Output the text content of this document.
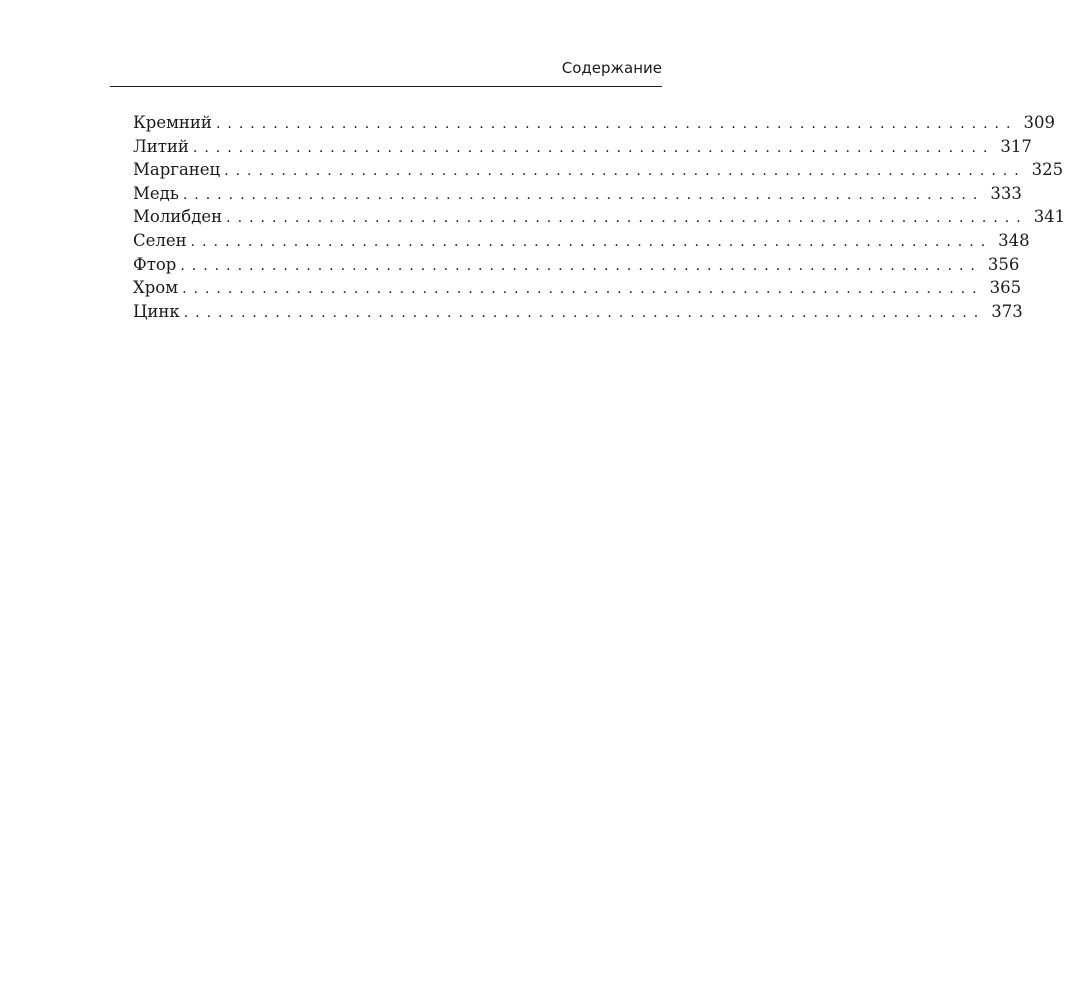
Содержание
Кремний ...................................................................... 309
Литий ...................................................................... 317
Марганец ...................................................................... 325
Медь ...................................................................... 333
Молибден ...................................................................... 341
Селен ...................................................................... 348
Фтор ...................................................................... 356
Хром ...................................................................... 365
Цинк ...................................................................... 373
